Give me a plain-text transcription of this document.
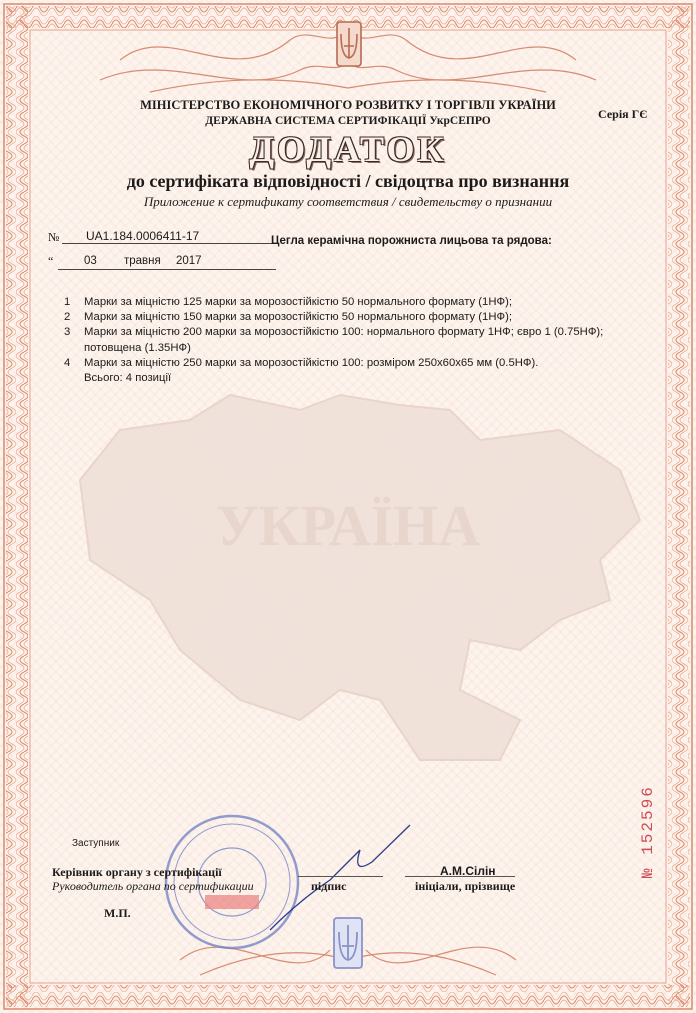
УКРАЇНА
МІНІСТЕРСТВО ЕКОНОМІЧНОГО РОЗВИТКУ І ТОРГІВЛІ УКРАЇНИ
ДЕРЖАВНА СИСТЕМА СЕРТИФІКАЦІЇ УкрСЕПРО	Серія ГЄ
ДОДАТОК
до сертифіката відповідності / свідоцтва про визнання
Приложение к сертификату соответствия / свидетельству о признании
№ UA1.184.0006411-17	Цегла керамічна порожниста лицьова та рядова:
“	03 травня 2017
1 Марки за міцністю 125 марки за морозостійкістю 50 нормального формату (1НФ);
2 Марки за міцністю 150 марки за морозостійкістю 50 нормального формату (1НФ);
3 Марки за міцністю 200 марки за морозостійкістю 100: нормального формату 1НФ; євро 1 (0.75НФ);
потовщена (1.35НФ)
4 Марки за міцністю 250 марки за морозостійкістю 100: розміром 250х60х65 мм (0.5НФ).
Всього: 4 позиції
Заступник
Керівник органу з сертифікації
Руководитель органа по сертификации	підпис
А.М.Сілін
ініціали, прізвище
М.П.
№ 152596
